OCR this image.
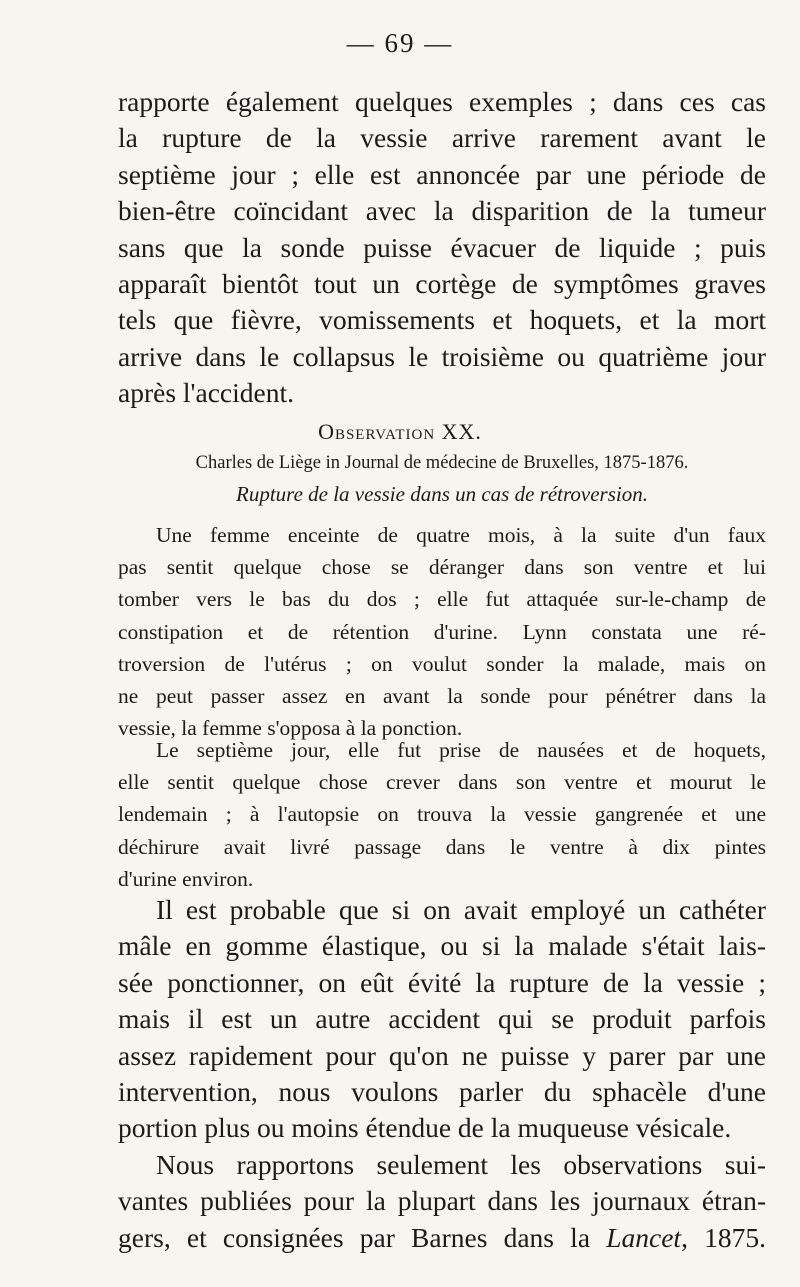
— 69 —
rapporte également quelques exemples ; dans ces cas
la rupture de la vessie arrive rarement avant le
septième jour ; elle est annoncée par une période de
bien-être coïncidant avec la disparition de la tumeur
sans que la sonde puisse évacuer de liquide ; puis
apparaît bientôt tout un cortège de symptômes graves
tels que fièvre, vomissements et hoquets, et la mort
arrive dans le collapsus le troisième ou quatrième jour
après l'accident.
Observation XX.
Charles de Liège in Journal de médecine de Bruxelles, 1875-1876.
Rupture de la vessie dans un cas de rétroversion.
Une femme enceinte de quatre mois, à la suite d'un faux
pas sentit quelque chose se déranger dans son ventre et lui
tomber vers le bas du dos ; elle fut attaquée sur-le-champ de
constipation et de rétention d'urine. Lynn constata une ré-
troversion de l'utérus ; on voulut sonder la malade, mais on
ne peut passer assez en avant la sonde pour pénétrer dans la
vessie, la femme s'opposa à la ponction.
Le septième jour, elle fut prise de nausées et de hoquets,
elle sentit quelque chose crever dans son ventre et mourut le
lendemain ; à l'autopsie on trouva la vessie gangrenée et une
déchirure avait livré passage dans le ventre à dix pintes
d'urine environ.
Il est probable que si on avait employé un cathéter
mâle en gomme élastique, ou si la malade s'était lais-
sée ponctionner, on eût évité la rupture de la vessie ;
mais il est un autre accident qui se produit parfois
assez rapidement pour qu'on ne puisse y parer par une
intervention, nous voulons parler du sphacèle d'une
portion plus ou moins étendue de la muqueuse vésicale.
Nous rapportons seulement les observations sui-
vantes publiées pour la plupart dans les journaux étran-
gers, et consignées par Barnes dans la Lancet, 1875.
